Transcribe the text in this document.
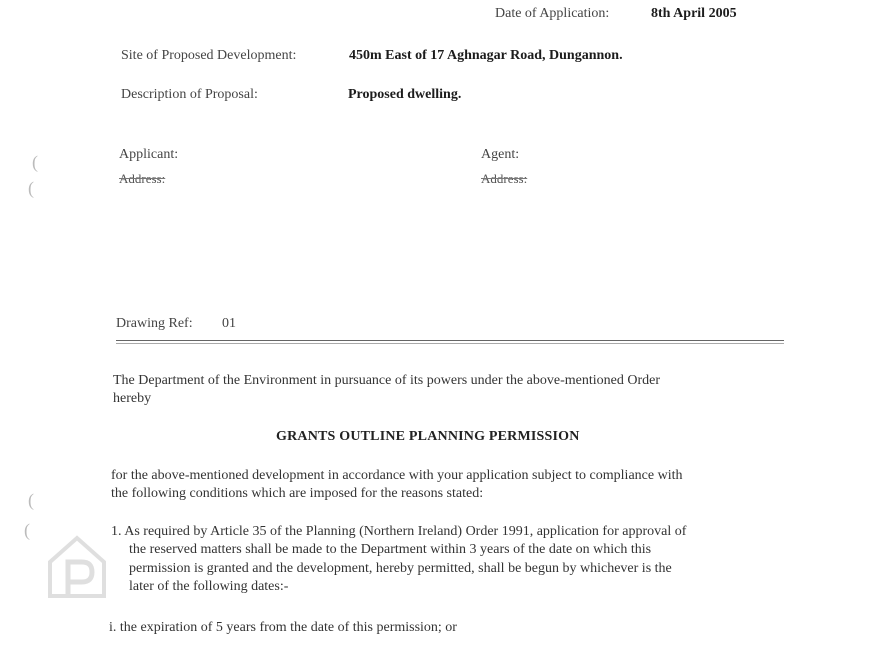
(
(
(
(
Date of Application:	8th April 2005
Site of Proposed Development:	450m East of 17 Aghnagar Road, Dungannon.
Description of Proposal:	Proposed dwelling.
Applicant:
Address:
Agent:
Address:
Drawing Ref: 01
The Department of the Environment in pursuance of its powers under the above-mentioned Order
hereby
GRANTS OUTLINE PLANNING PERMISSION
for the above-mentioned development in accordance with your application subject to compliance with
the following conditions which are imposed for the reasons stated:
1. As required by Article 35 of the Planning (Northern Ireland) Order 1991, application for approval of
the reserved matters shall be made to the Department within 3 years of the date on which this
permission is granted and the development, hereby permitted, shall be begun by whichever is the
later of the following dates:-
i. the expiration of 5 years from the date of this permission; or
